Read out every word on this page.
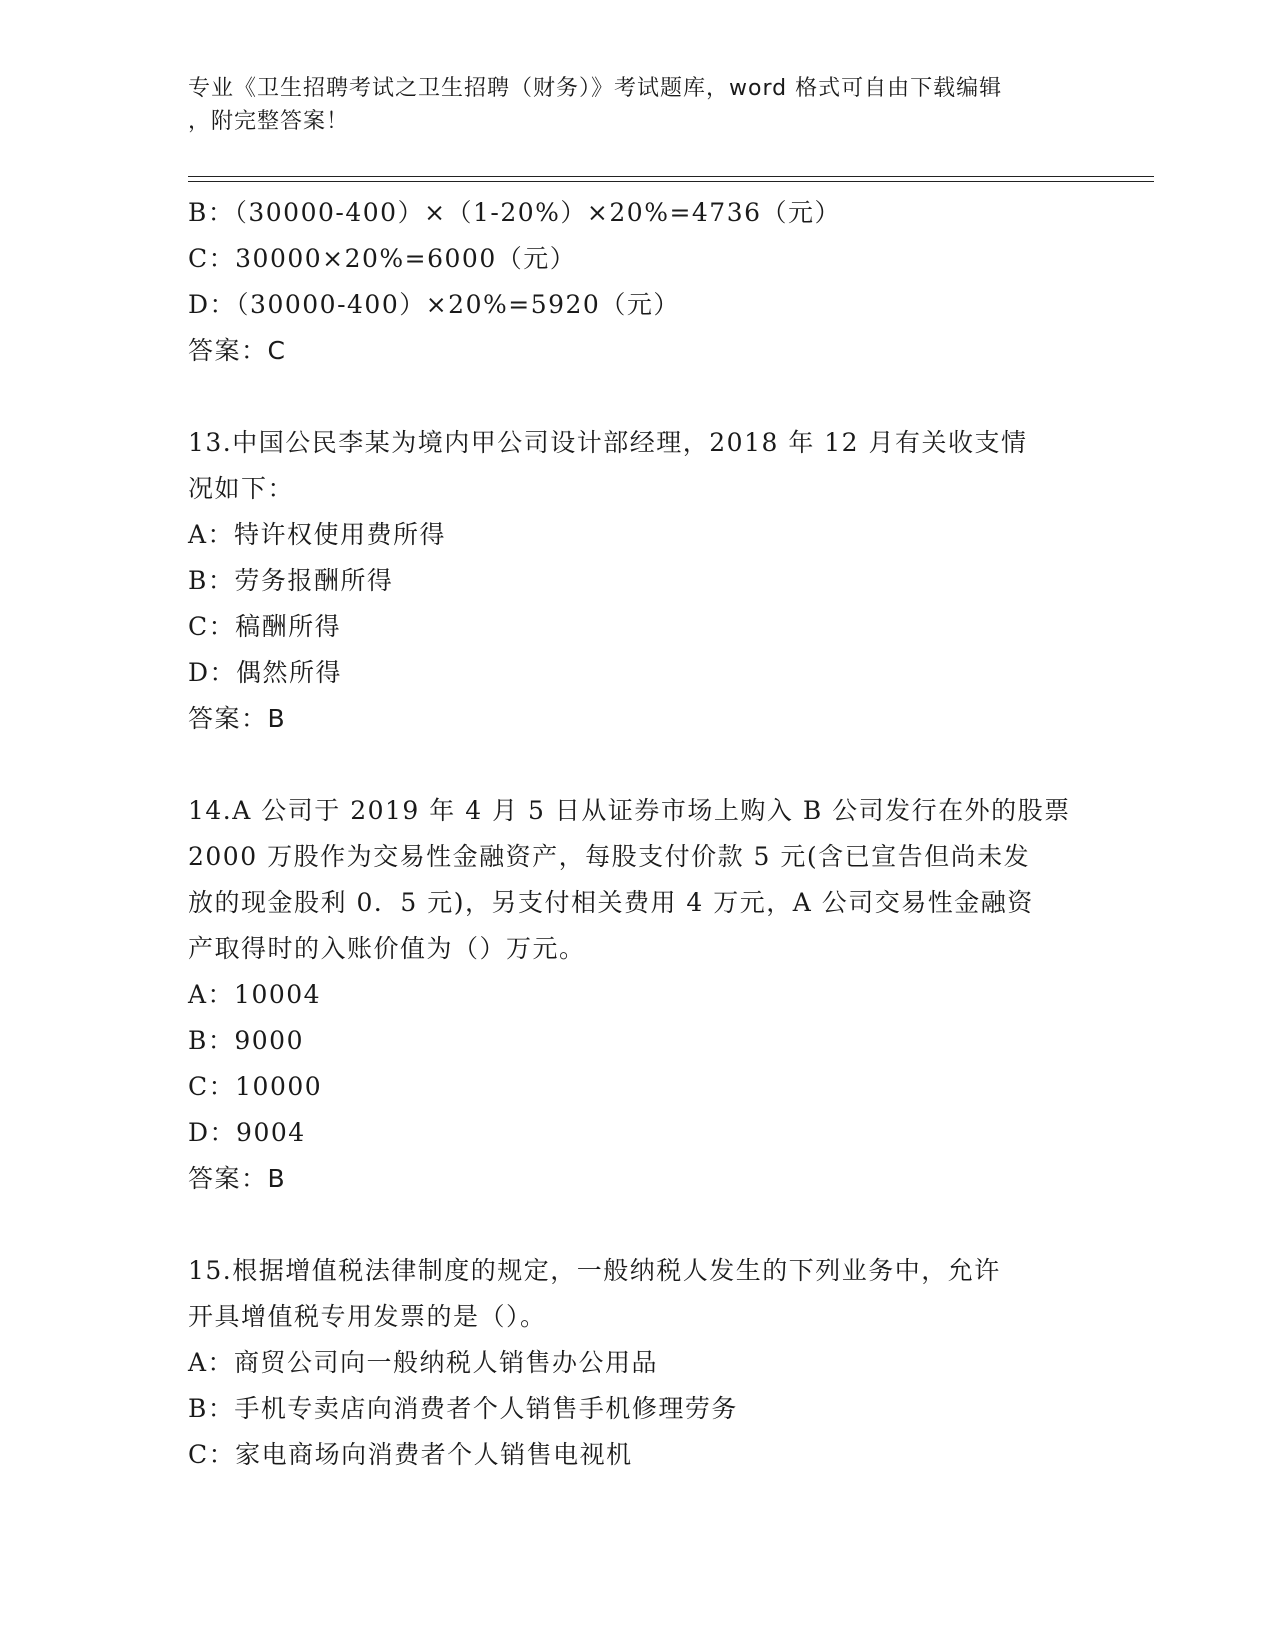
专业《卫生招聘考试之卫生招聘（财务）》考试题库，word 格式可自由下载编辑
，附完整答案！
B：（30000-400）×（1-20%）×20%=4736（元）
C：30000×20%=6000（元）
D：（30000-400）×20%=5920（元）
答案：C
13.中国公民李某为境内甲公司设计部经理，2018 年 12 月有关收支情
况如下：
A：特许权使用费所得
B：劳务报酬所得
C：稿酬所得
D：偶然所得
答案：B
14.A 公司于 2019 年 4 月 5 日从证券市场上购入 B 公司发行在外的股票
2000 万股作为交易性金融资产，每股支付价款 5 元(含已宣告但尚未发
放的现金股利 0．5 元)，另支付相关费用 4 万元，A 公司交易性金融资
产取得时的入账价值为（）万元。
A：10004
B：9000
C：10000
D：9004
答案：B
15.根据增值税法律制度的规定，一般纳税人发生的下列业务中，允许
开具增值税专用发票的是（）。
A：商贸公司向一般纳税人销售办公用品
B：手机专卖店向消费者个人销售手机修理劳务
C：家电商场向消费者个人销售电视机
